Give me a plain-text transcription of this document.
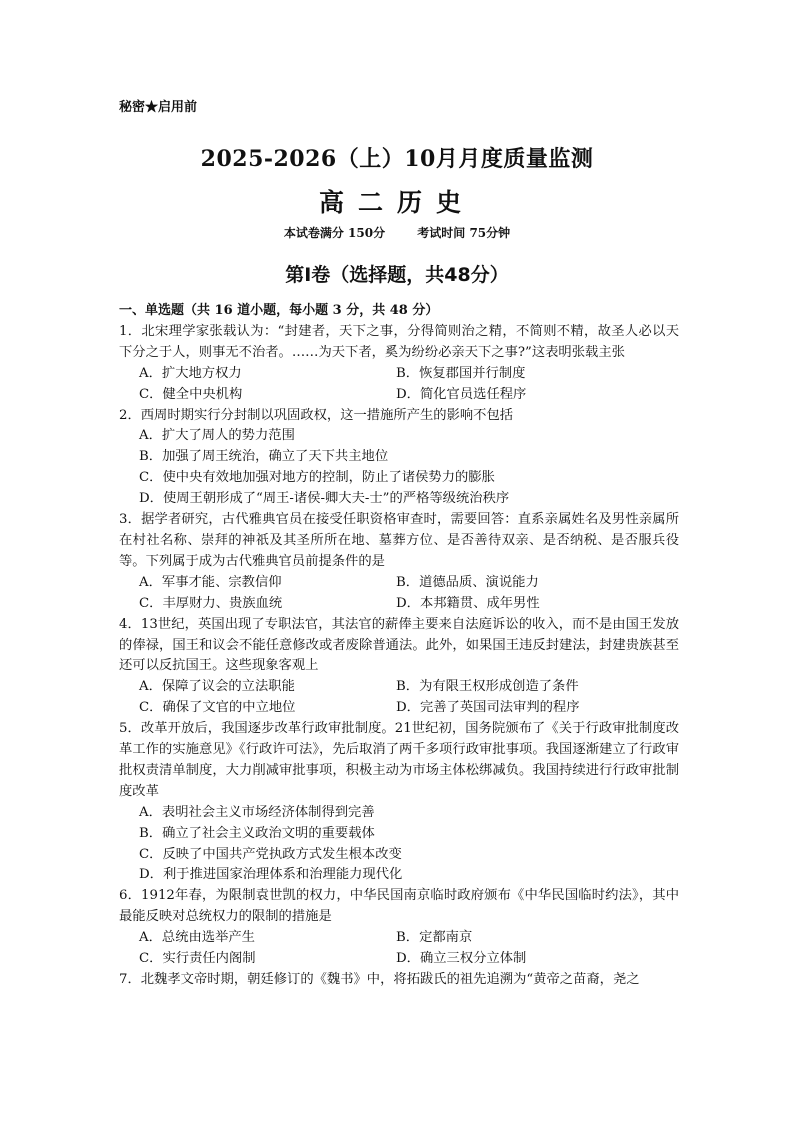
秘密★启用前
2025-2026（上）10月月度质量监测
高二历史
本试卷满分 150分	考试时间 75分钟
第Ⅰ卷（选择题，共48分）
一、单选题（共 16 道小题，每小题 3 分，共 48 分）

1．北宋理学家张载认为：“封建者，天下之事，分得简则治之精，不简则不精，故圣人必以天下分之于人，则事无不治者。……为天下者，奚为纷纷必亲天下之事?”这表明张载主张

A．扩大地方权力	B．恢复郡国并行制度
C．健全中央机构	D．简化官员选任程序

2．西周时期实行分封制以巩固政权，这一措施所产生的影响不包括

A．扩大了周人的势力范围
B．加强了周王统治，确立了天下共主地位
C．使中央有效地加强对地方的控制，防止了诸侯势力的膨胀
D．使周王朝形成了“周王-诸侯-卿大夫-士”的严格等级统治秩序

3．据学者研究，古代雅典官员在接受任职资格审查时，需要回答：直系亲属姓名及男性亲属所在村社名称、崇拜的神祇及其圣所所在地、墓葬方位、是否善待双亲、是否纳税、是否服兵役等。下列属于成为古代雅典官员前提条件的是

A．军事才能、宗教信仰	B．道德品质、演说能力
C．丰厚财力、贵族血统	D．本邦籍贯、成年男性

4．13世纪，英国出现了专职法官，其法官的薪俸主要来自法庭诉讼的收入，而不是由国王发放的俸禄，国王和议会不能任意修改或者废除普通法。此外，如果国王违反封建法，封建贵族甚至还可以反抗国王。这些现象客观上

A．保障了议会的立法职能	B．为有限王权形成创造了条件
C．确保了文官的中立地位	D．完善了英国司法审判的程序

5．改革开放后，我国逐步改革行政审批制度。21世纪初，国务院颁布了《关于行政审批制度改革工作的实施意见》《行政许可法》，先后取消了两千多项行政审批事项。我国逐渐建立了行政审批权责清单制度，大力削减审批事项，积极主动为市场主体松绑减负。我国持续进行行政审批制度改革

A．表明社会主义市场经济体制得到完善
B．确立了社会主义政治文明的重要载体
C．反映了中国共产党执政方式发生根本改变
D．利于推进国家治理体系和治理能力现代化

6．1912年春，为限制袁世凯的权力，中华民国南京临时政府颁布《中华民国临时约法》，其中最能反映对总统权力的限制的措施是

A．总统由选举产生	B．定都南京
C．实行责任内阁制	D．确立三权分立体制

7．北魏孝文帝时期，朝廷修订的《魏书》中，将拓跋氏的祖先追溯为“黄帝之苗裔，尧之
